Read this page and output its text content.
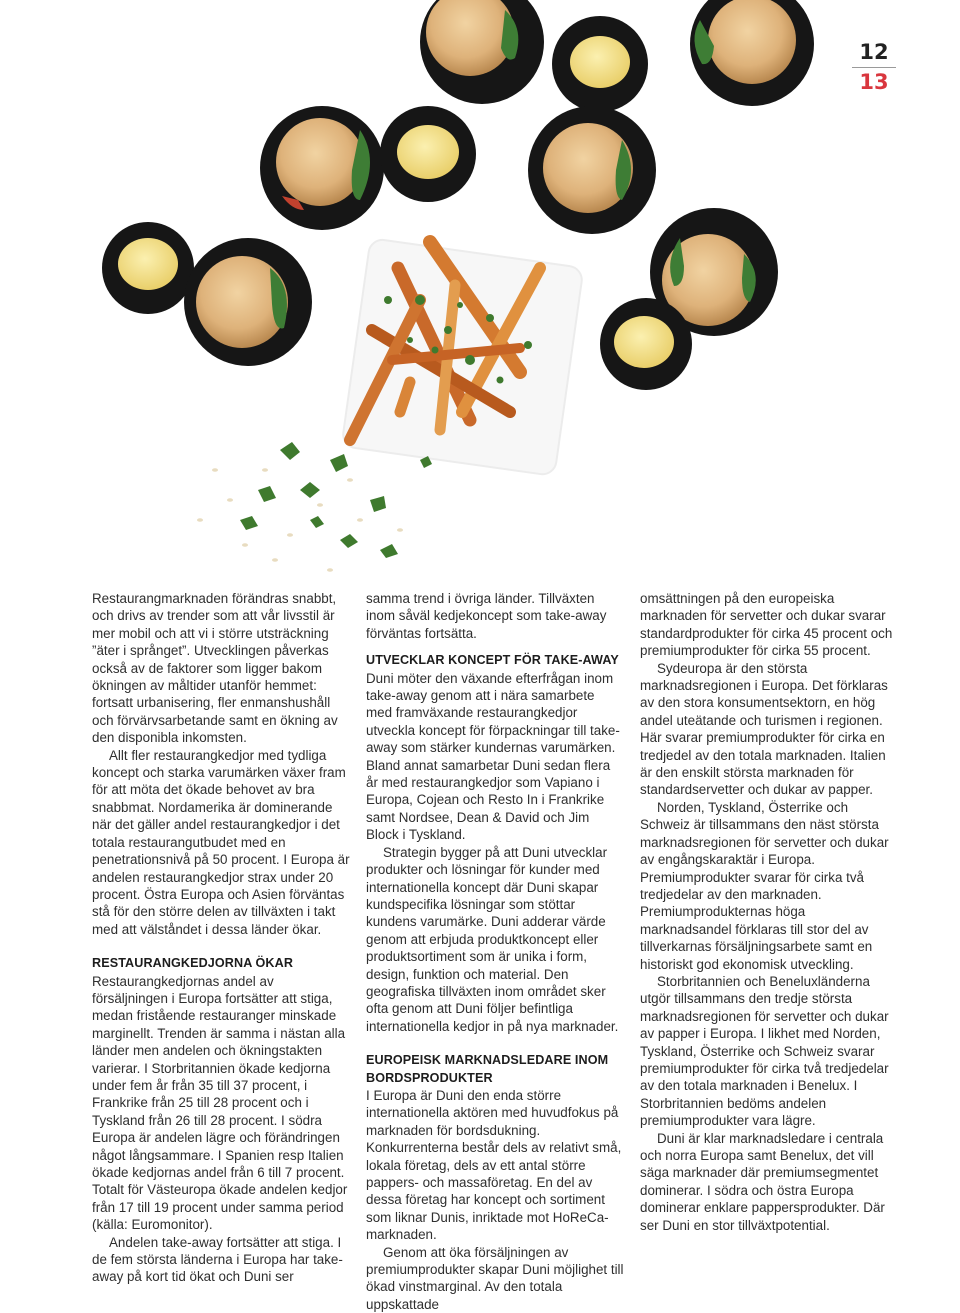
12
13

Restaurangmarknaden förändras snabbt, och drivs av trender som att vår livsstil är mer mobil och att vi i större utsträckning ”äter i språnget”. Utvecklingen påverkas också av de faktorer som ligger bakom ökningen av måltider utanför hemmet: fortsatt urbanisering, fler enmanshushåll och förvärvsarbetande samt en ökning av den disponibla inkomsten.

Allt fler restaurangkedjor med tydliga koncept och starka varumärken växer fram för att möta det ökade behovet av bra snabbmat. Nordamerika är dominerande när det gäller andel restaurangkedjor i det totala restaurangutbudet med en penetrationsnivå på 50 procent. I Europa är andelen restaurangkedjor strax under 20 procent. Östra Europa och Asien förväntas stå för den större delen av tillväxten i takt med att välståndet i dessa länder ökar.

RESTAURANGKEDJORNA ÖKAR

Restaurangkedjornas andel av försäljningen i Europa fortsätter att stiga, medan fristående restauranger minskade marginellt. Trenden är samma i nästan alla länder men andelen och ökningstakten varierar. I Storbritannien ökade kedjorna under fem år från 35 till 37 procent, i Frankrike från 25 till 28 procent och i Tyskland från 26 till 28 procent. I södra Europa är andelen lägre och förändringen något långsammare. I Spanien resp Italien ökade kedjornas andel från 6 till 7 procent. Totalt för Västeuropa ökade andelen kedjor från 17 till 19 procent under samma period (källa: Euromonitor).

Andelen take-away fortsätter att stiga. I de fem största länderna i Europa har take-away på kort tid ökat och Duni ser

samma trend i övriga länder. Tillväxten inom såväl kedjekoncept som take-away förväntas fortsätta.

UTVECKLAR KONCEPT FÖR TAKE-AWAY

Duni möter den växande efterfrågan inom take-away genom att i nära samarbete med framväxande restaurangkedjor utveckla koncept för förpackningar till take-away som stärker kundernas varumärken. Bland annat samarbetar Duni sedan flera år med restaurangkedjor som Vapiano i Europa, Cojean och Resto In i Frankrike samt Nordsee, Dean & David och Jim Block i Tyskland.

Strategin bygger på att Duni utvecklar produkter och lösningar för kunder med internationella koncept där Duni skapar kundspecifika lösningar som stöttar kundens varumärke. Duni adderar värde genom att erbjuda produktkoncept eller produktsortiment som är unika i form, design, funktion och material. Den geografiska tillväxten inom området sker ofta genom att Duni följer befintliga internationella kedjor in på nya marknader.

EUROPEISK MARKNADSLEDARE INOM BORDSPRODUKTER

I Europa är Duni den enda större internationella aktören med huvudfokus på marknaden för bordsdukning. Konkurrenterna består dels av relativt små, lokala företag, dels av ett antal större pappers- och massaföretag. En del av dessa företag har koncept och sortiment som liknar Dunis, inriktade mot HoReCa-marknaden.

Genom att öka försäljningen av premiumprodukter skapar Duni möjlighet till ökad vinstmarginal. Av den totala uppskattade

omsättningen på den europeiska marknaden för servetter och dukar svarar standardprodukter för cirka 45 procent och premiumprodukter för cirka 55 procent.

Sydeuropa är den största marknadsregionen i Europa. Det förklaras av den stora konsumentsektorn, en hög andel uteätande och turismen i regionen. Här svarar premiumprodukter för cirka en tredjedel av den totala marknaden. Italien är den enskilt största marknaden för standardservetter och dukar av papper.

Norden, Tyskland, Österrike och Schweiz är tillsammans den näst största marknadsregionen för servetter och dukar av engångskaraktär i Europa. Premiumprodukter svarar för cirka två tredjedelar av den marknaden. Premiumprodukternas höga marknadsandel förklaras till stor del av tillverkarnas försäljningsarbete samt en historiskt god ekonomisk utveckling.

Storbritannien och Beneluxländerna utgör tillsammans den tredje största marknadsregionen för servetter och dukar av papper i Europa. I likhet med Norden, Tyskland, Österrike och Schweiz svarar premiumprodukter för cirka två tredjedelar av den totala marknaden i Benelux. I Storbritannien bedöms andelen premiumprodukter vara lägre.

Duni är klar marknadsledare i centrala och norra Europa samt Benelux, det vill säga marknader där premiumsegmentet dominerar. I södra och östra Europa dominerar enklare pappersprodukter. Där ser Duni en stor tillväxtpotential.
